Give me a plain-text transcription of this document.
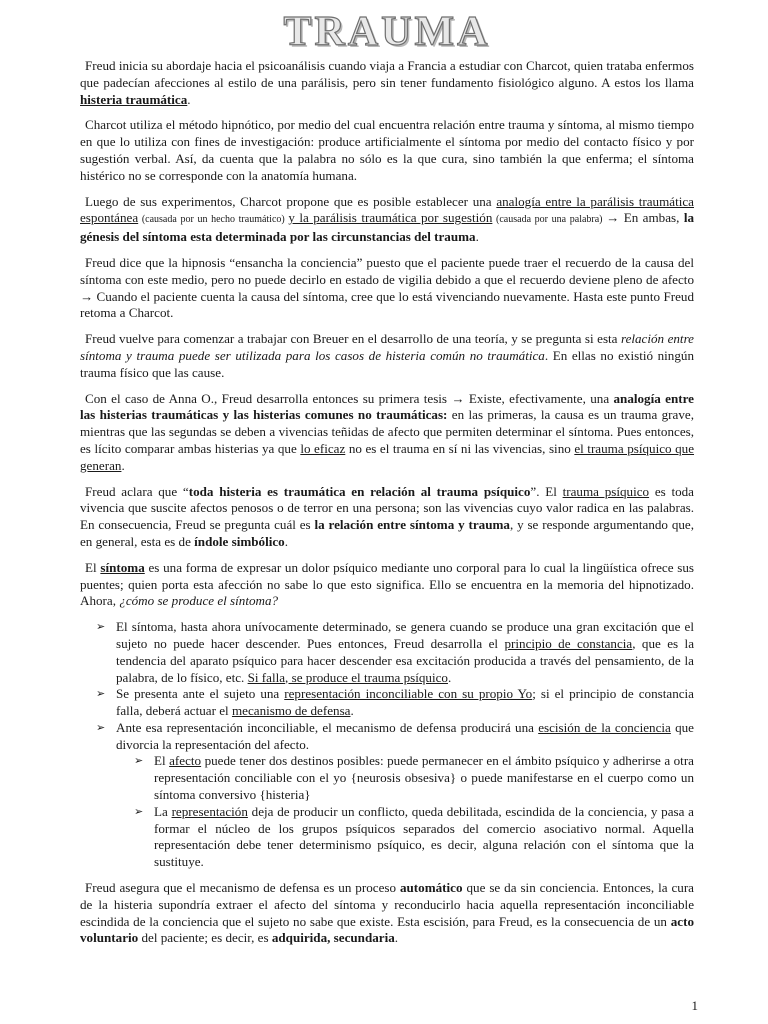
TRAUMA

Freud inicia su abordaje hacia el psicoanálisis cuando viaja a Francia a estudiar con Charcot, quien trataba enfermos que padecían afecciones al estilo de una parálisis, pero sin tener fundamento fisiológico alguno. A estos los llama histeria traumática.

Charcot utiliza el método hipnótico, por medio del cual encuentra relación entre trauma y síntoma, al mismo tiempo en que lo utiliza con fines de investigación: produce artificialmente el síntoma por medio del contacto físico y por sugestión verbal. Así, da cuenta que la palabra no sólo es la que cura, sino también la que enferma; el síntoma histérico no se corresponde con la anatomía humana.

Luego de sus experimentos, Charcot propone que es posible establecer una analogía entre la parálisis traumática espontánea (causada por un hecho traumático) y la parálisis traumática por sugestión (causada por una palabra) → En ambas, la génesis del síntoma esta determinada por las circunstancias del trauma.

Freud dice que la hipnosis “ensancha la conciencia” puesto que el paciente puede traer el recuerdo de la causa del síntoma con este medio, pero no puede decirlo en estado de vigilia debido a que el recuerdo deviene pleno de afecto → Cuando el paciente cuenta la causa del síntoma, cree que lo está vivenciando nuevamente. Hasta este punto Freud retoma a Charcot.

Freud vuelve para comenzar a trabajar con Breuer en el desarrollo de una teoría, y se pregunta si esta relación entre síntoma y trauma puede ser utilizada para los casos de histeria común no traumática. En ellas no existió ningún trauma físico que las cause.

Con el caso de Anna O., Freud desarrolla entonces su primera tesis → Existe, efectivamente, una analogía entre las histerias traumáticas y las histerias comunes no traumáticas: en las primeras, la causa es un trauma grave, mientras que las segundas se deben a vivencias teñidas de afecto que permiten determinar el síntoma. Pues entonces, es lícito comparar ambas histerias ya que lo eficaz no es el trauma en sí ni las vivencias, sino el trauma psíquico que generan.

Freud aclara que “toda histeria es traumática en relación al trauma psíquico”. El trauma psíquico es toda vivencia que suscite afectos penosos o de terror en una persona; son las vivencias cuyo valor radica en las palabras. En consecuencia, Freud se pregunta cuál es la relación entre síntoma y trauma, y se responde argumentando que, en general, esta es de índole simbólico.

El síntoma es una forma de expresar un dolor psíquico mediante uno corporal para lo cual la lingüística ofrece sus puentes; quien porta esta afección no sabe lo que esto significa. Ello se encuentra en la memoria del hipnotizado. Ahora, ¿cómo se produce el síntoma?

➢ El síntoma, hasta ahora unívocamente determinado, se genera cuando se produce una gran excitación que el sujeto no puede hacer descender. Pues entonces, Freud desarrolla el principio de constancia, que es la tendencia del aparato psíquico para hacer descender esa excitación producida a través del pensamiento, de la palabra, de lo físico, etc. Si falla, se produce el trauma psíquico.
➢ Se presenta ante el sujeto una representación inconciliable con su propio Yo; si el principio de constancia falla, deberá actuar el mecanismo de defensa.
➢ Ante esa representación inconciliable, el mecanismo de defensa producirá una escisión de la conciencia que divorcia la representación del afecto.
➢ El afecto puede tener dos destinos posibles: puede permanecer en el ámbito psíquico y adherirse a otra representación conciliable con el yo {neurosis obsesiva} o puede manifestarse en el cuerpo como un síntoma conversivo {histeria}
➢ La representación deja de producir un conflicto, queda debilitada, escindida de la conciencia, y pasa a formar el núcleo de los grupos psíquicos separados del comercio asociativo normal. Aquella representación debe tener determinismo psíquico, es decir, alguna relación con el síntoma que la sustituye.

Freud asegura que el mecanismo de defensa es un proceso automático que se da sin conciencia. Entonces, la cura de la histeria supondría extraer el afecto del síntoma y reconducirlo hacia aquella representación inconciliable escindida de la conciencia que el sujeto no sabe que existe. Esta escisión, para Freud, es la consecuencia de un acto voluntario del paciente; es decir, es adquirida, secundaria.

1
